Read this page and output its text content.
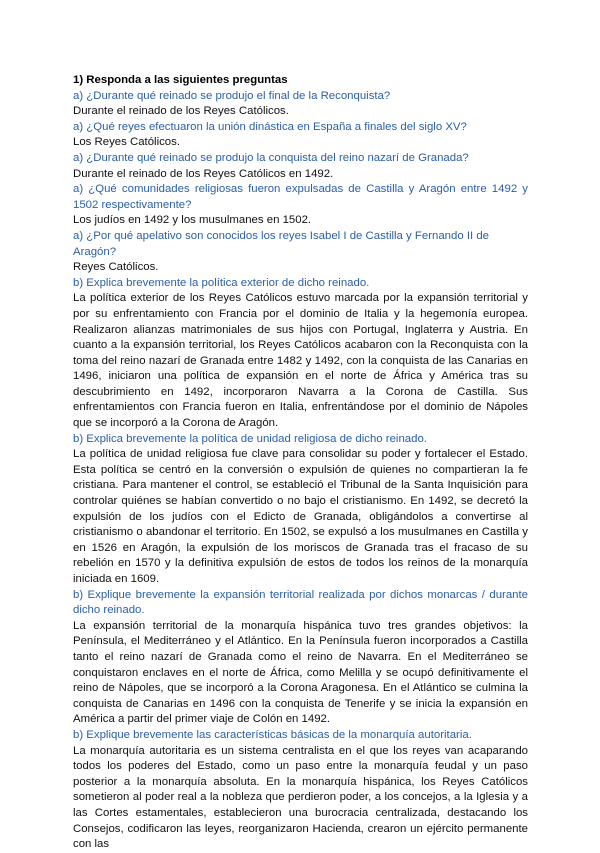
1) Responda a las siguientes preguntas

a) ¿Durante qué reinado se produjo el final de la Reconquista?

Durante el reinado de los Reyes Católicos.

a) ¿Qué reyes efectuaron la unión dinástica en España a finales del siglo XV?

Los Reyes Católicos.

a) ¿Durante qué reinado se produjo la conquista del reino nazarí de Granada?

Durante el reinado de los Reyes Católicos en 1492.

a) ¿Qué comunidades religiosas fueron expulsadas de Castilla y Aragón entre 1492 y 1502 respectivamente?

Los judíos en 1492 y los musulmanes en 1502.

a) ¿Por qué apelativo son conocidos los reyes Isabel I de Castilla y Fernando II de Aragón?

Reyes Católicos.

b) Explica brevemente la política exterior de dicho reinado.

La política exterior de los Reyes Católicos estuvo marcada por la expansión territorial y por su enfrentamiento con Francia por el dominio de Italia y la hegemonía europea. Realizaron alianzas matrimoniales de sus hijos con Portugal, Inglaterra y Austria. En cuanto a la expansión territorial, los Reyes Católicos acabaron con la Reconquista con la toma del reino nazarí de Granada entre 1482 y 1492, con la conquista de las Canarias en 1496, iniciaron una política de expansión en el norte de África y América tras su descubrimiento en 1492, incorporaron Navarra a la Corona de Castilla. Sus enfrentamientos con Francia fueron en Italia, enfrentándose por el dominio de Nápoles que se incorporó a la Corona de Aragón.

b) Explica brevemente la política de unidad religiosa de dicho reinado.

La política de unidad religiosa fue clave para consolidar su poder y fortalecer el Estado. Esta política se centró en la conversión o expulsión de quienes no compartieran la fe cristiana. Para mantener el control, se estableció el Tribunal de la Santa Inquisición para controlar quiénes se habían convertido o no bajo el cristianismo. En 1492, se decretó la expulsión de los judíos con el Edicto de Granada, obligándolos a convertirse al cristianismo o abandonar el territorio. En 1502, se expulsó a los musulmanes en Castilla y en 1526 en Aragón, la expulsión de los moriscos de Granada tras el fracaso de su rebelión en 1570 y la definitiva expulsión de estos de todos los reinos de la monarquía iniciada en 1609.

b) Explique brevemente la expansión territorial realizada por dichos monarcas / durante dicho reinado.

La expansión territorial de la monarquía hispánica tuvo tres grandes objetivos: la Península, el Mediterráneo y el Atlántico. En la Península fueron incorporados a Castilla tanto el reino nazarí de Granada como el reino de Navarra. En el Mediterráneo se conquistaron enclaves en el norte de África, como Melilla y se ocupó definitivamente el reino de Nápoles, que se incorporó a la Corona Aragonesa. En el Atlántico se culmina la conquista de Canarias en 1496 con la conquista de Tenerife y se inicia la expansión en América a partir del primer viaje de Colón en 1492.

b) Explique brevemente las características básicas de la monarquía autoritaria.

La monarquía autoritaria es un sistema centralista en el que los reyes van acaparando todos los poderes del Estado, como un paso entre la monarquía feudal y un paso posterior a la monarquía absoluta. En la monarquía hispánica, los Reyes Católicos sometieron al poder real a la nobleza que perdieron poder, a los concejos, a la Iglesia y a las Cortes estamentales, establecieron una burocracia centralizada, destacando los Consejos, codificaron las leyes, reorganizaron Hacienda, crearon un ejército permanente con las
